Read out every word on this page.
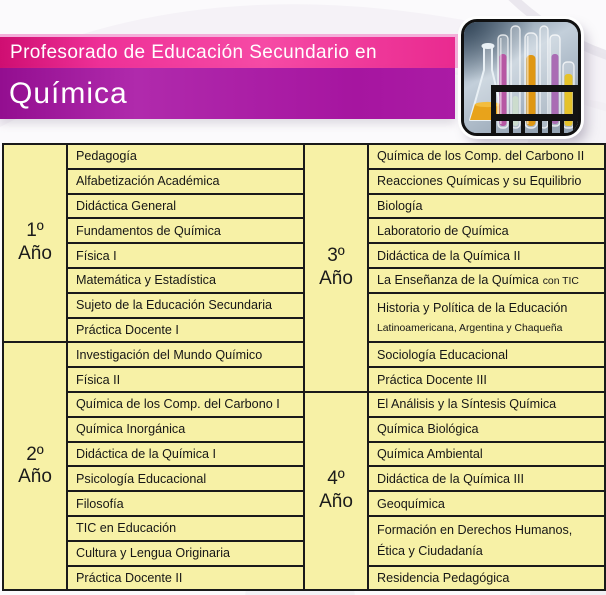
Profesorado de Educación Secundario en
Química
1º
Año
Pedagogía
Alfabetización Académica
Didáctica General
Fundamentos de Química
Física I
Matemática y Estadística
Sujeto de la Educación Secundaria
Práctica Docente I
2º
Año
Investigación del Mundo Químico
Física II
Química de los Comp. del Carbono I
Química Inorgánica
Didáctica de la Química I
Psicología Educacional
Filosofía
TIC en Educación
Cultura y Lengua Originaria
Práctica Docente II
3º
Año
Química de los Comp. del Carbono II
Reacciones Químicas y su Equilibrio
Biología
Laboratorio de Química
Didáctica de la Química II
La Enseñanza de la Química con TIC
Historia y Política de la Educación
Latinoamericana, Argentina y Chaqueña
Sociología Educacional
Práctica Docente III
4º
Año
El Análisis y la Síntesis Química
Química Biológica
Química Ambiental
Didáctica de la Química III
Geoquímica
Formación en Derechos Humanos,
Ética y Ciudadanía
Residencia Pedagógica
